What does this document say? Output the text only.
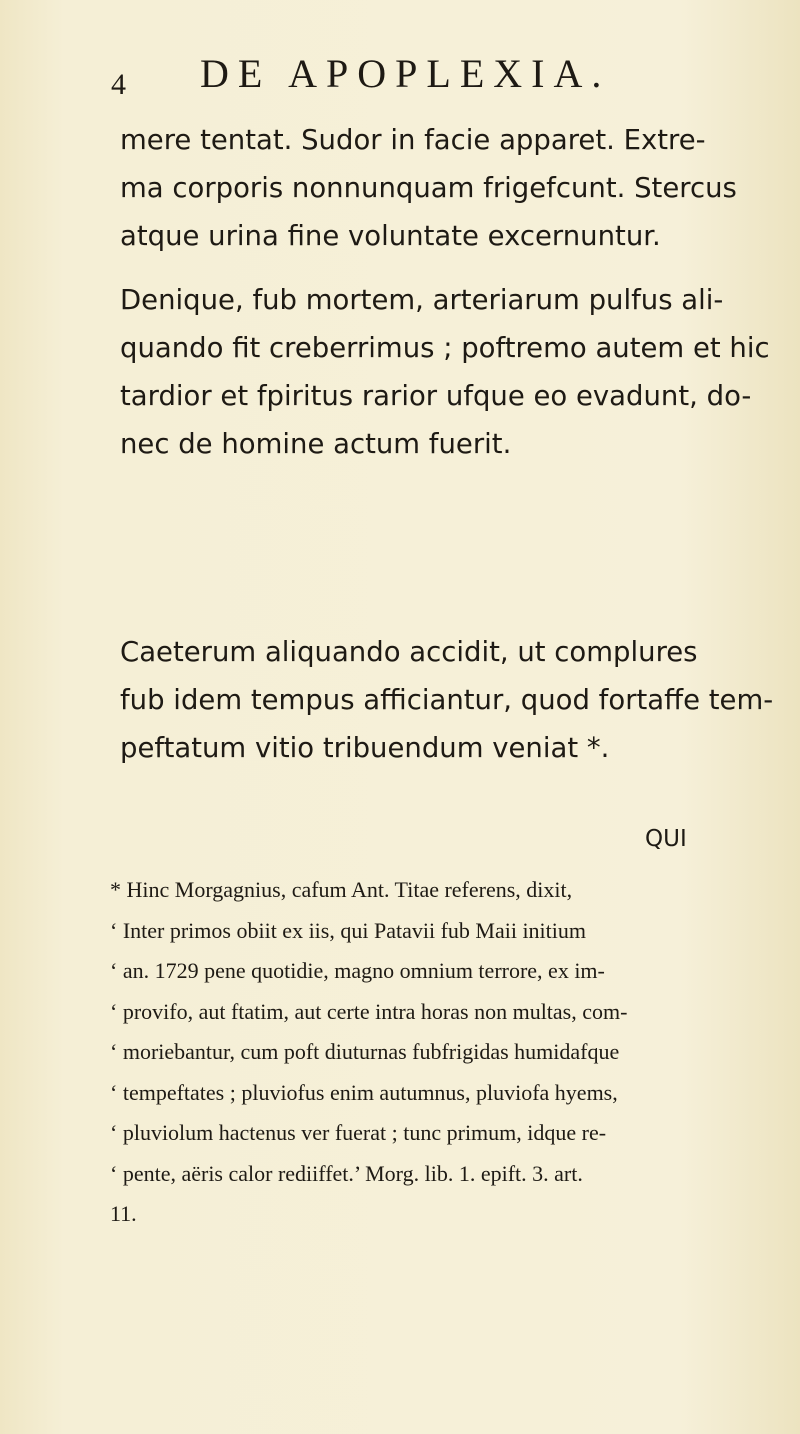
4 DE APOPLEXIA.
mere tentat. Sudor in facie apparet. Extre-
ma corporis nonnunquam frigefcunt. Stercus
atque urina fine voluntate excernuntur.
Denique, fub mortem, arteriarum pulfus ali-
quando fit creberrimus ; poftremo autem et hic
tardior et fpiritus rarior ufque eo evadunt, do-
nec de homine actum fuerit.
Caeterum aliquando accidit, ut complures
fub idem tempus afficiantur, quod fortaffe tem-
peftatum vitio tribuendum veniat *.
QUI
* Hinc Morgagnius, cafum Ant. Titae referens, dixit,
‘ Inter primos obiit ex iis, qui Patavii fub Maii initium
‘ an. 1729 pene quotidie, magno omnium terrore, ex im-
‘ provifo, aut ftatim, aut certe intra horas non multas, com-
‘ moriebantur, cum poft diuturnas fubfrigidas humidafque
‘ tempeftates ; pluviofus enim autumnus, pluviofa hyems,
‘ pluviolum hactenus ver fuerat ; tunc primum, idque re-
‘ pente, aëris calor rediiffet.’ Morg. lib. 1. epift. 3. art.
11.
